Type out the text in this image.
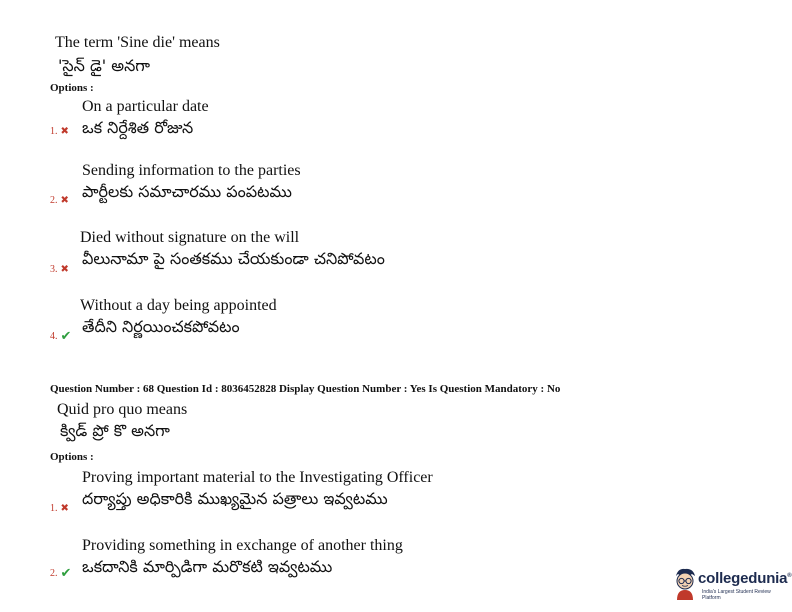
The term 'Sine die' means
'సైన్ డై' అనగా
Options :
On a particular date
ఒక నిర్దేశిత రోజున
1. ✖
Sending information to the parties
పార్టీలకు సమాచారము పంపటము
2. ✖
Died without signature on the will
వీలునామా పై సంతకము చేయకుండా చనిపోవటం
3. ✖
Without a day being appointed
తేదీని నిర్ణయించకపోవటం
4. ✔
Question Number : 68 Question Id : 8036452828 Display Question Number : Yes Is Question Mandatory : No
Quid pro quo means
క్విడ్ ప్రో కొ అనగా
Options :
Proving important material to the Investigating Officer
దర్యాప్తు అధికారికి ముఖ్యమైన పత్రాలు ఇవ్వటము
1. ✖
Providing something in exchange of another thing
ఒకదానికి మార్పిడిగా మరొకటి ఇవ్వటము
2. ✔	collegedunia®
India's Largest Student Review Platform
